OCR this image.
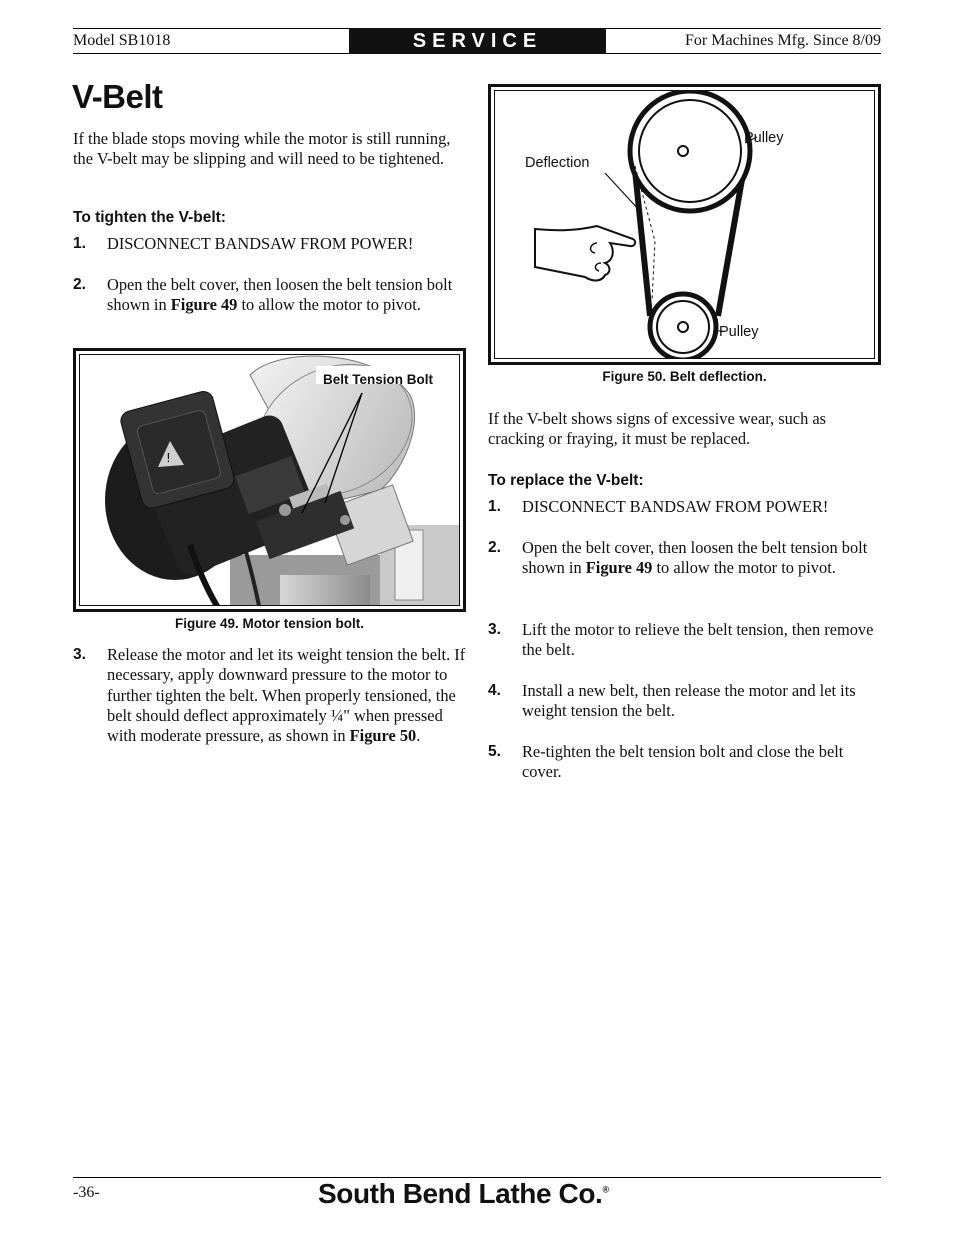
Model SB1018	SERVICE	For Machines Mfg. Since 8/09
V-Belt
If the blade stops moving while the motor is still running, the V-belt may be slipping and will need to be tightened.
To tighten the V-belt:
1. DISCONNECT BANDSAW FROM POWER!
2. Open the belt cover, then loosen the belt tension bolt shown in Figure 49 to allow the motor to pivot.
!
Belt Tension Bolt
Figure 49. Motor tension bolt.
3. Release the motor and let its weight tension the belt. If necessary, apply downward pressure to the motor to further tighten the belt. When properly tensioned, the belt should deflect approximately ¼" when pressed with moderate pressure, as shown in Figure 50.
Deflection
Pulley
Pulley
Figure 50. Belt deflection.
If the V-belt shows signs of excessive wear, such as cracking or fraying, it must be replaced.
To replace the V-belt:
1. DISCONNECT BANDSAW FROM POWER!
2. Open the belt cover, then loosen the belt tension bolt shown in Figure 49 to allow the motor to pivot.
3. Lift the motor to relieve the belt tension, then remove the belt.
4. Install a new belt, then release the motor and let its weight tension the belt.
5. Re-tighten the belt tension bolt and close the belt cover.
-36-	South Bend Lathe Co.®
